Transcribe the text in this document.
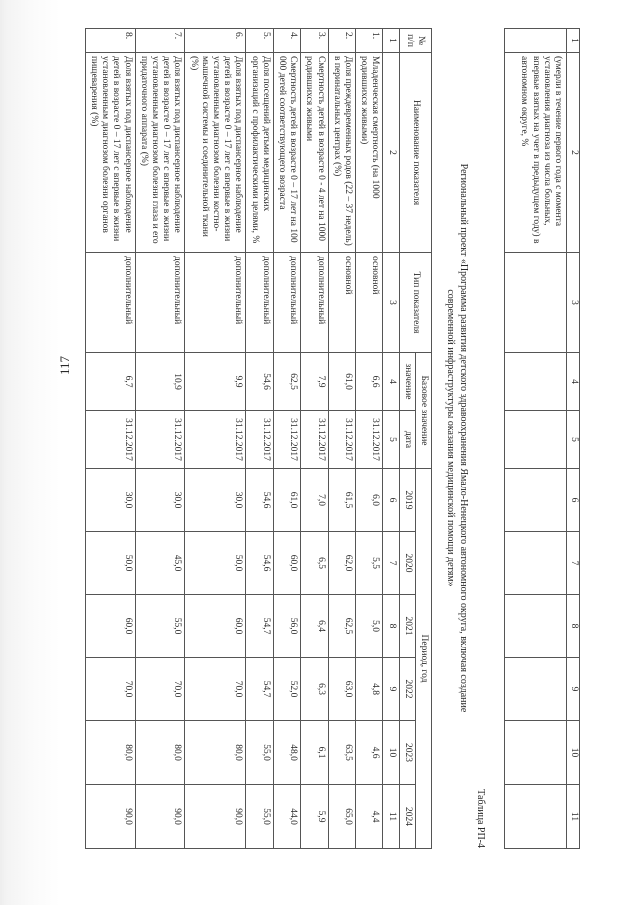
117
1	2	3	4	5	6	7	8	9	10	11
	(умерли в течение первого года с момента установления диагноза из числа больных, впервые взятых на учет в предыдущем году) в автономном округе, %									
Таблица РП-4
Региональный проект «Программа развития детского здравоохранения Ямало-Ненецкого автономного округа, включая создание
современной инфраструктуры оказания медицинской помощи детям»
№ п/п	Наименование показателя	Тип показателя	Базовое значение		Период, год					
			значение	дата	2019	2020	2021	2022	2023	2024
1	2	3	4	5	6	7	8	9	10	11
1.	Младенческая смертность (на 1000 родившихся живыми)	основной	6,6	31.12.2017	6,0	5,5	5,0	4,8	4,6	4,4
2.	Доля преждевременных родов (22 – 37 недель) в перинатальных центрах (%)	основной	61,0	31.12.2017	61,5	62,0	62,5	63,0	63,5	65,0
3.	Смертность детей в возрасте 0 - 4 лет на 1000 родившихся живыми	дополнительный	7,9	31.12.2017	7,0	6,5	6,4	6,3	6,1	5,9
4.	Смертность детей в возрасте 0 – 17 лет на 100 000 детей соответствующего возраста	дополнительный	62,5	31.12.2017	61,0	60,0	56,0	52,0	48,0	44,0
5.	Доля посещений детьми медицинских организаций с профилактическими целями, %	дополнительный	54,6	31.12.2017	54,6	54,6	54,7	54,7	55,0	55,0
6.	Доля взятых под диспансерное наблюдение детей в возрасте 0 – 17 лет с впервые в жизни установленным диагнозом болезни костно-мышечной системы и соединительной ткани (%)	дополнительный	9,9	31.12.2017	30,0	50,0	60,0	70,0	80,0	90,0
7.	Доля взятых под диспансерное наблюдение детей в возрасте 0 – 17 лет с впервые в жизни установленным диагнозом болезни глаза и его придаточного аппарата (%)	дополнительный	10,9	31.12.2017	30,0	45,0	55,0	70,0	80,0	90,0
8.	Доля взятых под диспансерное наблюдение детей в возрасте 0 – 17 лет с впервые в жизни установленным диагнозом болезни органов пищеварения (%)	дополнительный	6,7	31.12.2017	30,0	50,0	60,0	70,0	80,0	90,0
